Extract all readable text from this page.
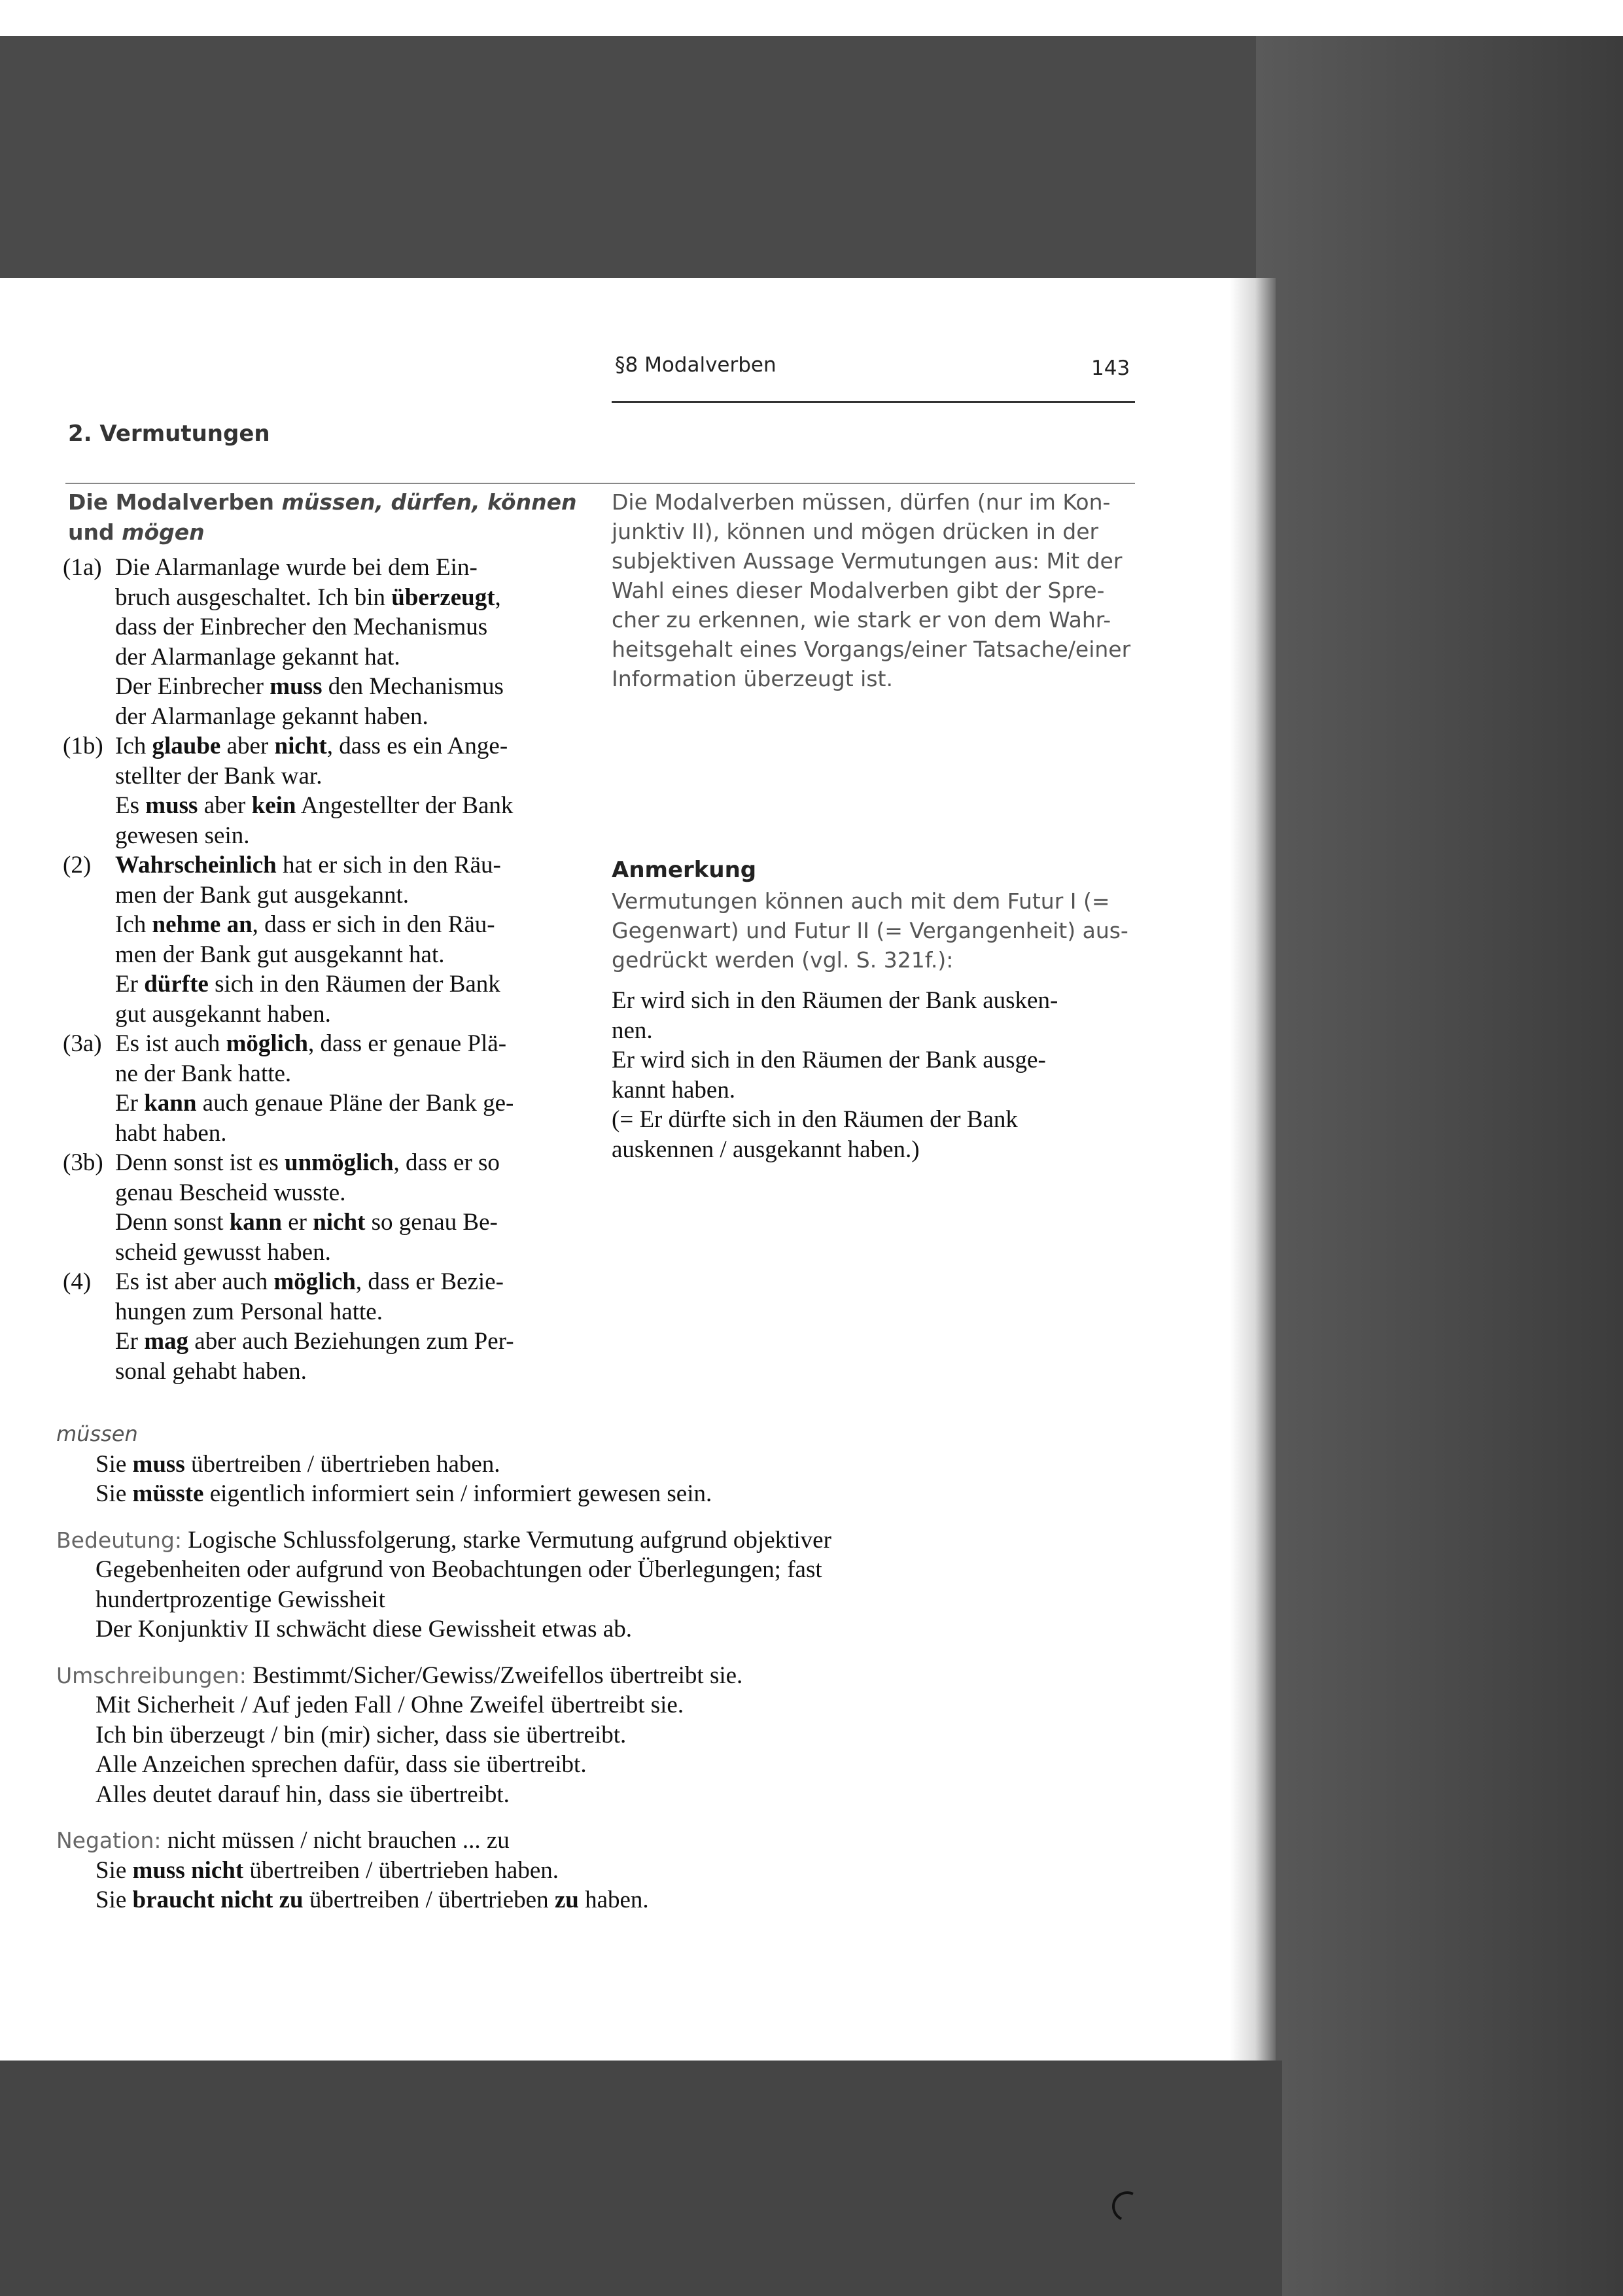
§8 Modalverben	143
2. Vermutungen
Die Modalverben müssen, dürfen, können
und mögen
(1a) Die Alarmanlage wurde bei dem Ein-
bruch ausgeschaltet. Ich bin überzeugt,
dass der Einbrecher den Mechanismus
der Alarmanlage gekannt hat.
Der Einbrecher muss den Mechanismus
der Alarmanlage gekannt haben.
(1b) Ich glaube aber nicht, dass es ein Ange-
stellter der Bank war.
Es muss aber kein Angestellter der Bank
gewesen sein.
(2) Wahrscheinlich hat er sich in den Räu-
men der Bank gut ausgekannt.
Ich nehme an, dass er sich in den Räu-
men der Bank gut ausgekannt hat.
Er dürfte sich in den Räumen der Bank
gut ausgekannt haben.
(3a) Es ist auch möglich, dass er genaue Plä-
ne der Bank hatte.
Er kann auch genaue Pläne der Bank ge-
habt haben.
(3b) Denn sonst ist es unmöglich, dass er so
genau Bescheid wusste.
Denn sonst kann er nicht so genau Be-
scheid gewusst haben.
(4) Es ist aber auch möglich, dass er Bezie-
hungen zum Personal hatte.
Er mag aber auch Beziehungen zum Per-
sonal gehabt haben.
Die Modalverben müssen, dürfen (nur im Kon-
junktiv II), können und mögen drücken in der
subjektiven Aussage Vermutungen aus: Mit der
Wahl eines dieser Modalverben gibt der Spre-
cher zu erkennen, wie stark er von dem Wahr-
heitsgehalt eines Vorgangs/einer Tatsache/einer
Information überzeugt ist.
Anmerkung
Vermutungen können auch mit dem Futur I (=
Gegenwart) und Futur II (= Vergangenheit) aus-
gedrückt werden (vgl. S. 321f.):
Er wird sich in den Räumen der Bank ausken-
nen.
Er wird sich in den Räumen der Bank ausge-
kannt haben.
(= Er dürfte sich in den Räumen der Bank
auskennen / ausgekannt haben.)
müssen
Sie muss übertreiben / übertrieben haben.
Sie müsste eigentlich informiert sein / informiert gewesen sein.
Bedeutung: Logische Schlussfolgerung, starke Vermutung aufgrund objektiver
Gegebenheiten oder aufgrund von Beobachtungen oder Überlegungen; fast
hundertprozentige Gewissheit
Der Konjunktiv II schwächt diese Gewissheit etwas ab.
Umschreibungen: Bestimmt/Sicher/Gewiss/Zweifellos übertreibt sie.
Mit Sicherheit / Auf jeden Fall / Ohne Zweifel übertreibt sie.
Ich bin überzeugt / bin (mir) sicher, dass sie übertreibt.
Alle Anzeichen sprechen dafür, dass sie übertreibt.
Alles deutet darauf hin, dass sie übertreibt.
Negation: nicht müssen / nicht brauchen ... zu
Sie muss nicht übertreiben / übertrieben haben.
Sie braucht nicht zu übertreiben / übertrieben zu haben.
